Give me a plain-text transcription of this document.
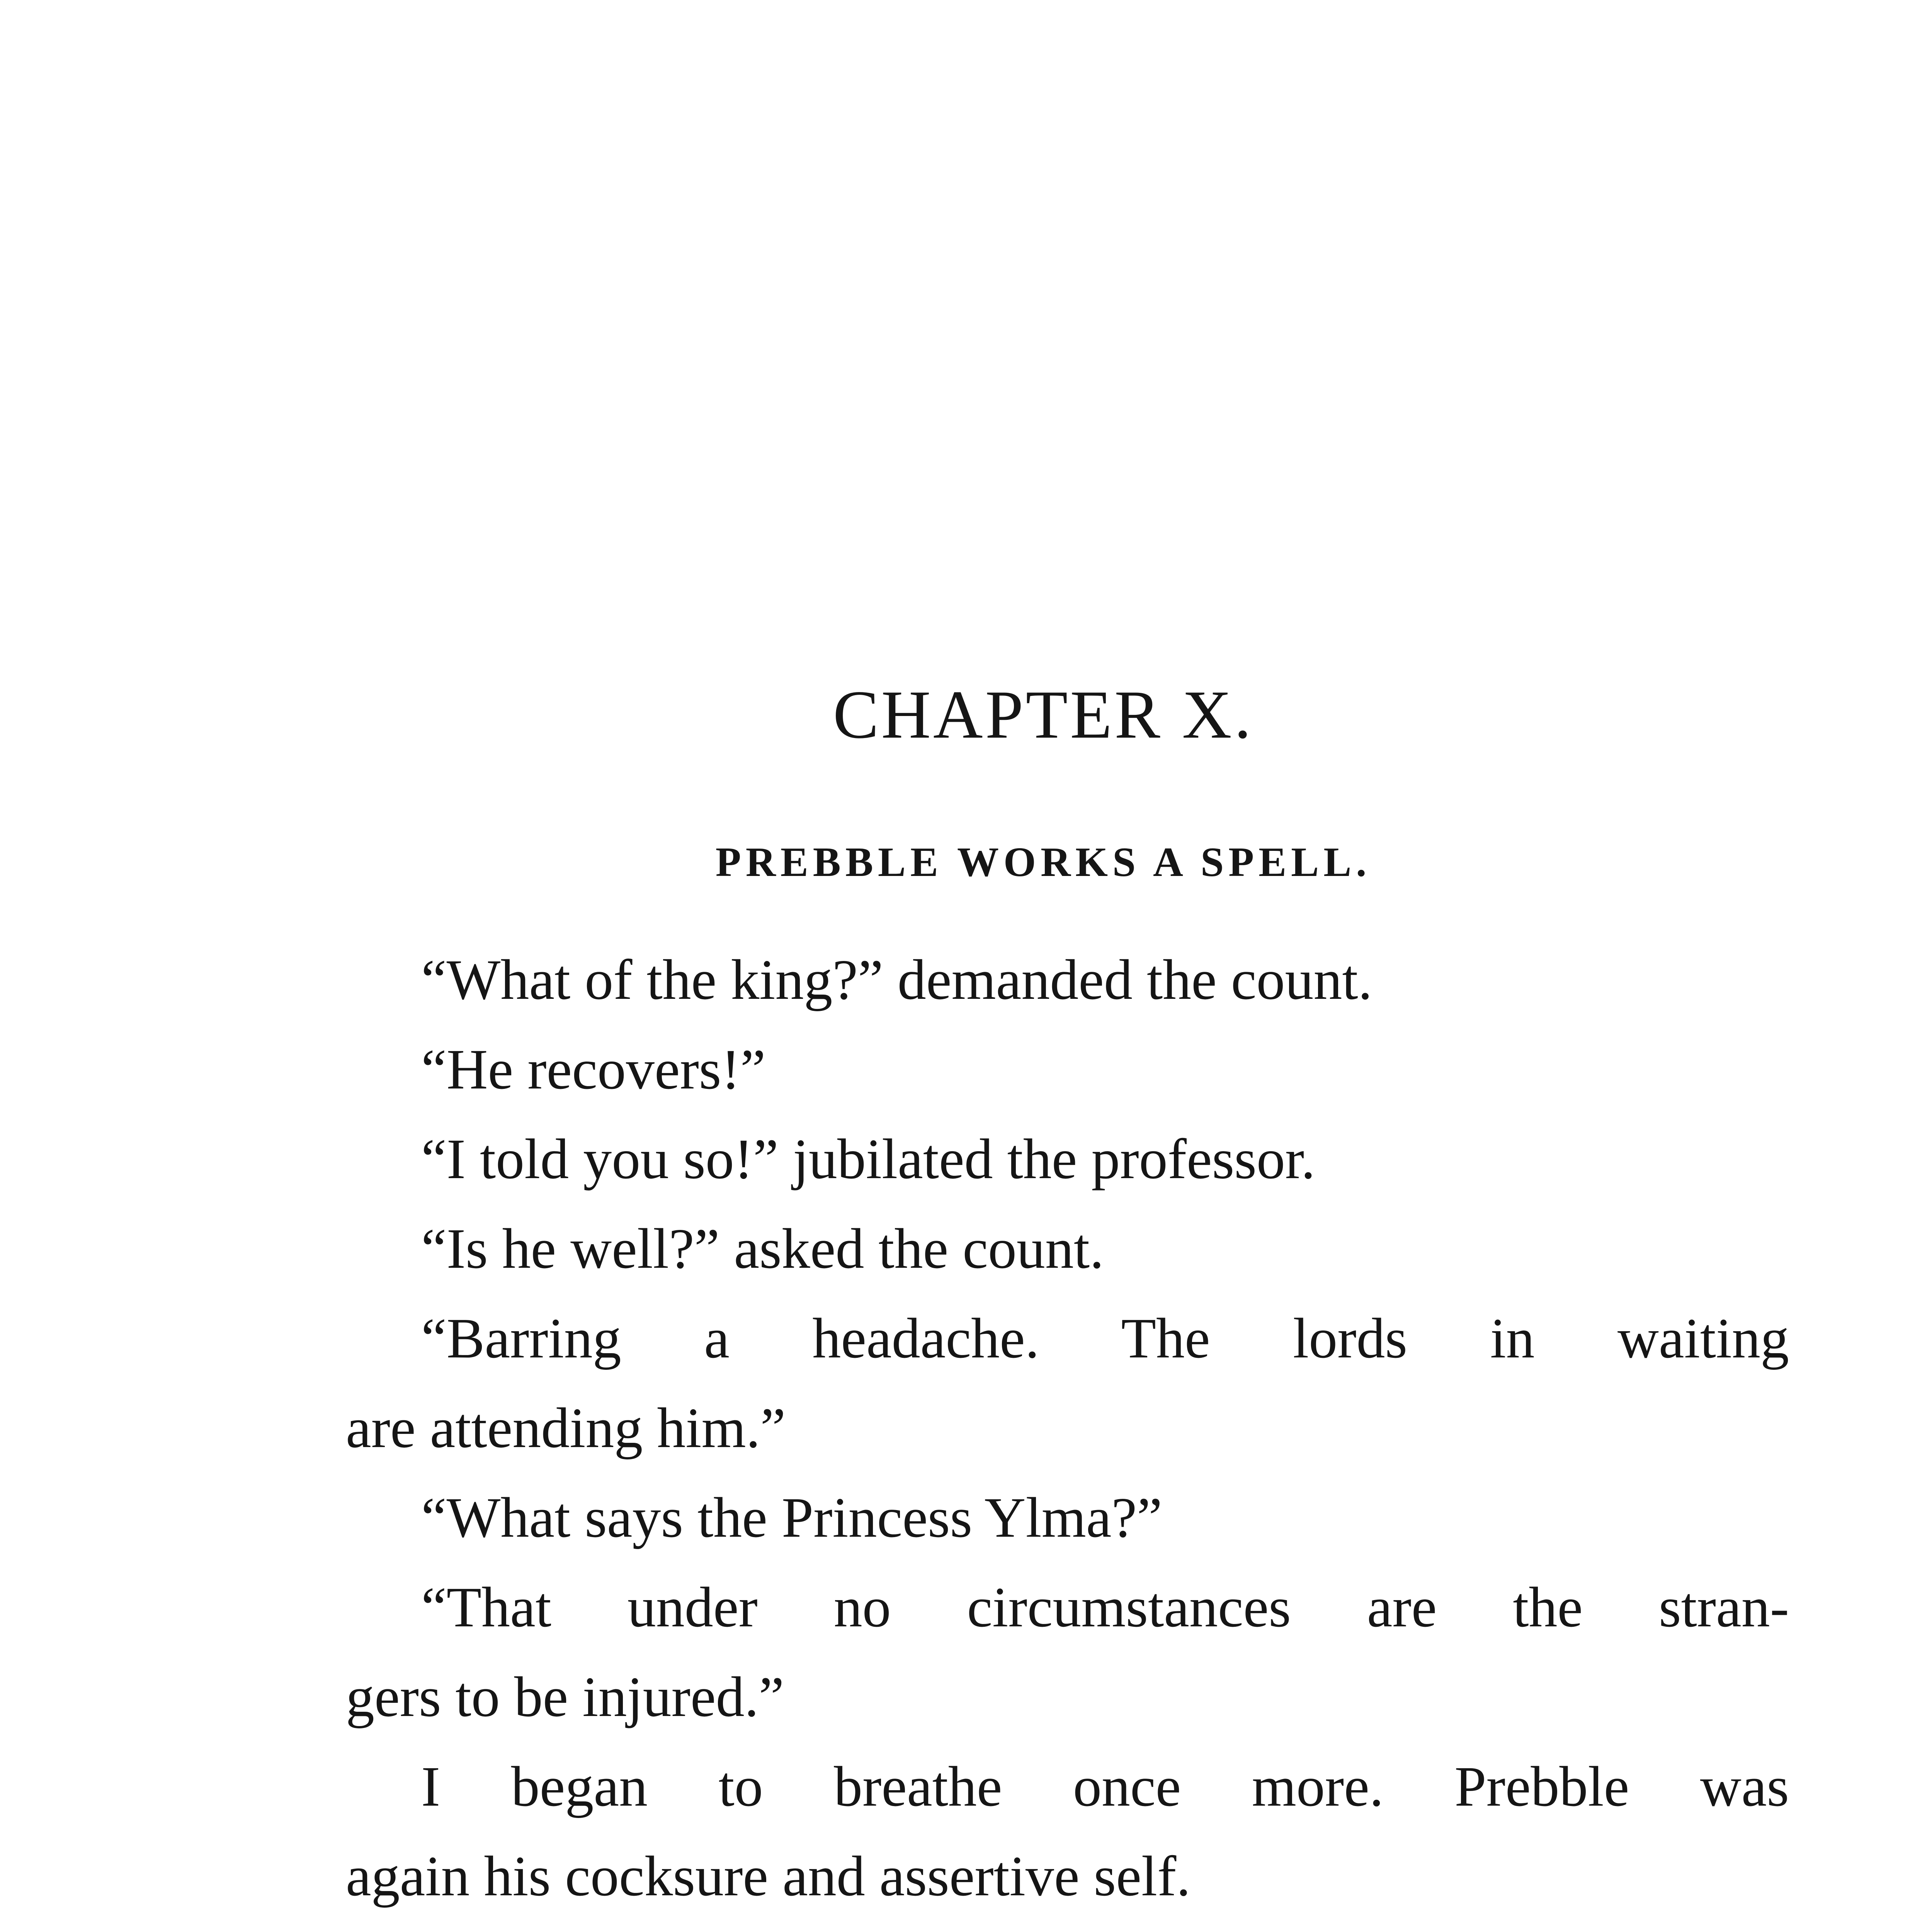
CHAPTER X.
PREBBLE WORKS A SPELL.
“What of the king?” demanded the count.
“He recovers!”
“I told you so!” jubilated the professor.
“Is he well?” asked the count.
“Barring a headache. The lords in waiting
are attending him.”
“What says the Princess Ylma?”
“That under no circumstances are the stran-
gers to be injured.”
I began to breathe once more. Prebble was
again his cocksure and assertive self.
